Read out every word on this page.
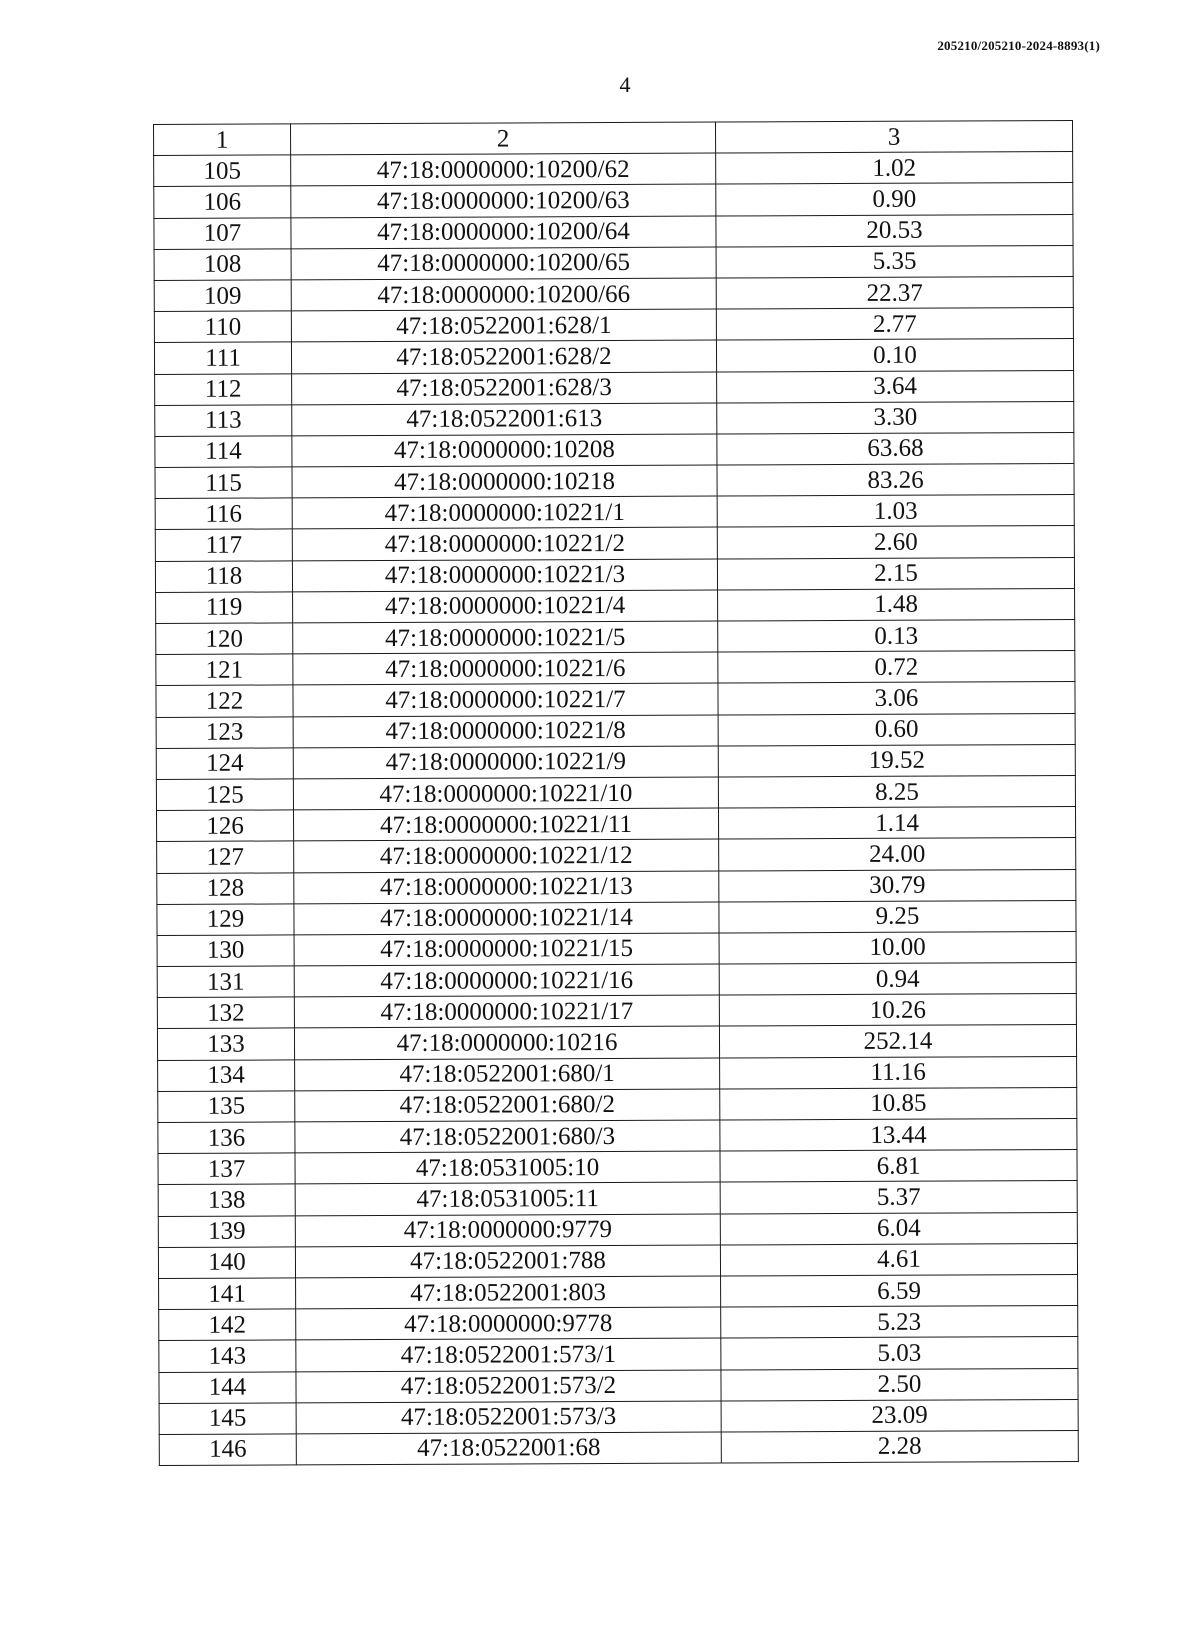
205210/205210-2024-8893(1)
4
1	2	3
105	47:18:0000000:10200/62	1.02
106	47:18:0000000:10200/63	0.90
107	47:18:0000000:10200/64	20.53
108	47:18:0000000:10200/65	5.35
109	47:18:0000000:10200/66	22.37
110	47:18:0522001:628/1	2.77
111	47:18:0522001:628/2	0.10
112	47:18:0522001:628/3	3.64
113	47:18:0522001:613	3.30
114	47:18:0000000:10208	63.68
115	47:18:0000000:10218	83.26
116	47:18:0000000:10221/1	1.03
117	47:18:0000000:10221/2	2.60
118	47:18:0000000:10221/3	2.15
119	47:18:0000000:10221/4	1.48
120	47:18:0000000:10221/5	0.13
121	47:18:0000000:10221/6	0.72
122	47:18:0000000:10221/7	3.06
123	47:18:0000000:10221/8	0.60
124	47:18:0000000:10221/9	19.52
125	47:18:0000000:10221/10	8.25
126	47:18:0000000:10221/11	1.14
127	47:18:0000000:10221/12	24.00
128	47:18:0000000:10221/13	30.79
129	47:18:0000000:10221/14	9.25
130	47:18:0000000:10221/15	10.00
131	47:18:0000000:10221/16	0.94
132	47:18:0000000:10221/17	10.26
133	47:18:0000000:10216	252.14
134	47:18:0522001:680/1	11.16
135	47:18:0522001:680/2	10.85
136	47:18:0522001:680/3	13.44
137	47:18:0531005:10	6.81
138	47:18:0531005:11	5.37
139	47:18:0000000:9779	6.04
140	47:18:0522001:788	4.61
141	47:18:0522001:803	6.59
142	47:18:0000000:9778	5.23
143	47:18:0522001:573/1	5.03
144	47:18:0522001:573/2	2.50
145	47:18:0522001:573/3	23.09
146	47:18:0522001:68	2.28
